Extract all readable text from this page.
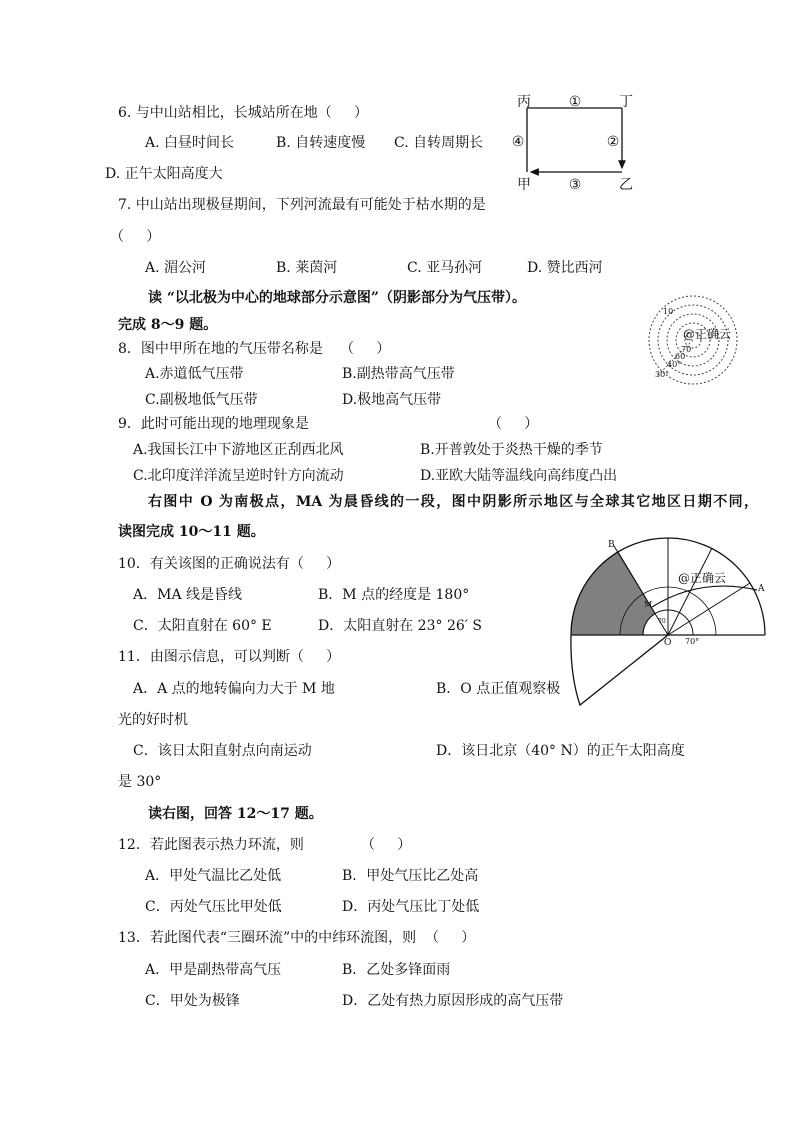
6. 与中山站相比，长城站所在地（     ）
A. 白昼时间长	B. 自转速度慢 C. 自转周期长
D. 正午太阳高度大
7. 中山站出现极昼期间，下列河流最有可能处于枯水期的是
（     ）
A. 湄公河	B. 莱茵河	C. 亚马孙河	D. 赞比西河
读 “以北极为中心的地球部分示意图”（阴影部分为气压带）。
完成 8～9 题。
8．图中甲所在地的气压带名称是 （     ）
A.赤道低气压带	B.副热带高气压带
C.副极地低气压带	D.极地高气压带
9．此时可能出现的地理现象是	（     ）
A.我国长江中下游地区正刮西北风	B.开普敦处于炎热干燥的季节
C.北印度洋洋流呈逆时针方向流动	D.亚欧大陆等温线向高纬度凸出
右图中 O 为南极点，MA 为晨昏线的一段，图中阴影所示地区与全球其它地区日期不同，
读图完成 10～11 题。
10．有关该图的正确说法有（     ）
A．MA 线是昏线	B．M 点的经度是 180°
C．太阳直射在 60° E	D．太阳直射在 23° 26′ S
11．由图示信息，可以判断（     ）
A．A 点的地转偏向力大于 M 地	B．O 点正值观察极
光的好时机
C．该日太阳直射点向南运动	D．该日北京（40° N）的正午太阳高度
是 30°
读右图，回答 12～17 题。
12．若此图表示热力环流，则	（     ）
A．甲处气温比乙处低	B．甲处气压比乙处高
C．丙处气压比甲处低	D．丙处气压比丁处低
13．若此图代表“三圈环流”中的中纬环流图，则  （     ）
A．甲是副热带高气压	B．乙处多锋面雨
C．甲处为极锋	D．乙处有热力原因形成的高气压带
丙	①	丁
④	②
甲	③	乙
10
70
60
40°
30°
@正确云
B
M
A
O 70°
70
@正确云
